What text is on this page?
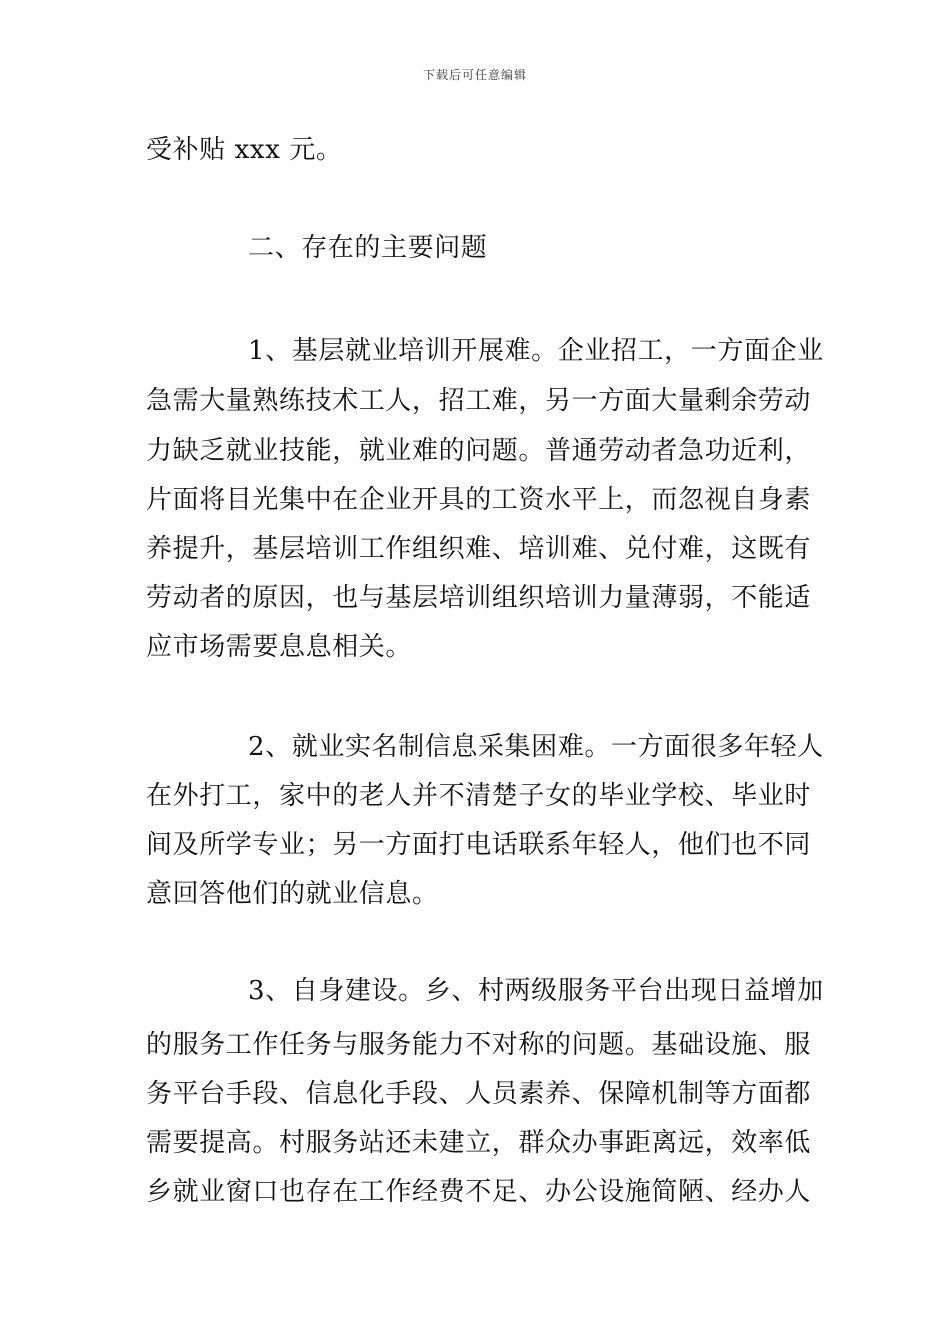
下载后可任意编辑
受补贴 xxx 元。
二、存在的主要问题
1、基层就业培训开展难。企业招工，一方面企业
急需大量熟练技术工人，招工难，另一方面大量剩余劳动
力缺乏就业技能，就业难的问题。普通劳动者急功近利，
片面将目光集中在企业开具的工资水平上，而忽视自身素
养提升，基层培训工作组织难、培训难、兑付难，这既有
劳动者的原因，也与基层培训组织培训力量薄弱，不能适
应市场需要息息相关。
2、就业实名制信息采集困难。一方面很多年轻人
在外打工，家中的老人并不清楚子女的毕业学校、毕业时
间及所学专业；另一方面打电话联系年轻人，他们也不同
意回答他们的就业信息。
3、自身建设。乡、村两级服务平台出现日益增加
的服务工作任务与服务能力不对称的问题。基础设施、服
务平台手段、信息化手段、人员素养、保障机制等方面都
需要提高。村服务站还未建立，群众办事距离远，效率低
乡就业窗口也存在工作经费不足、办公设施简陋、经办人
